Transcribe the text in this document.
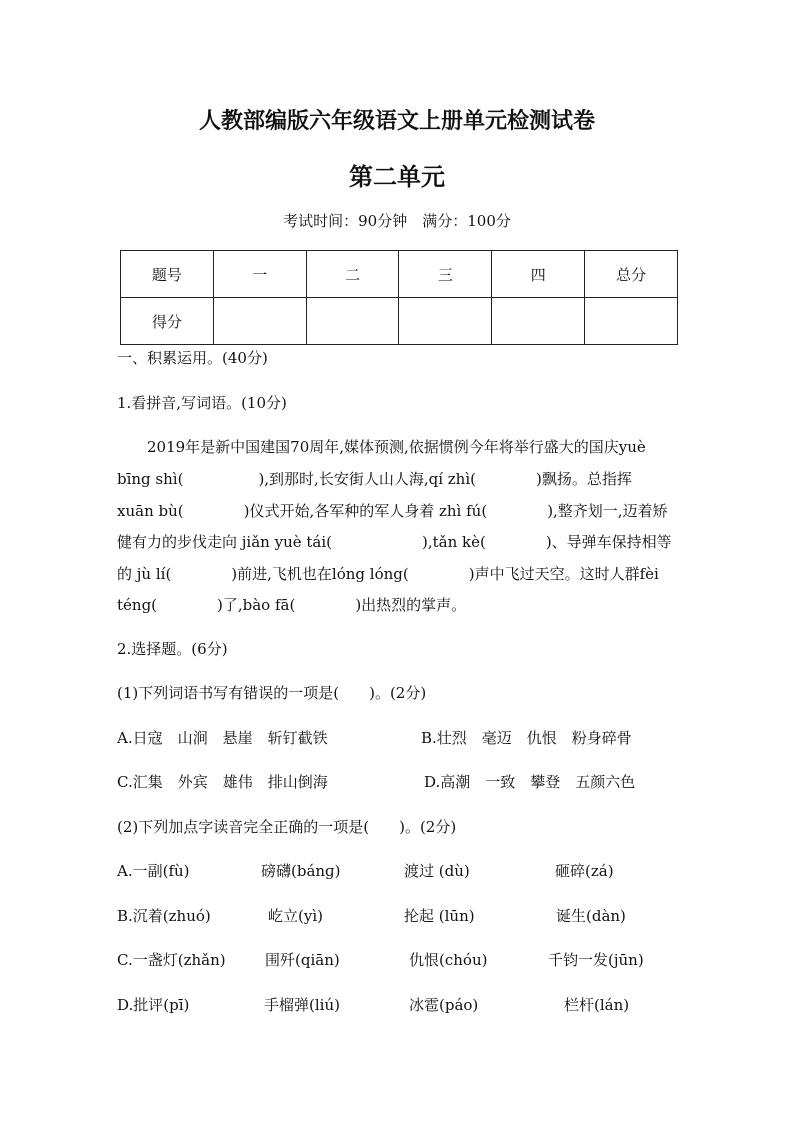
人教部编版六年级语文上册单元检测试卷
第二单元
考试时间：90分钟　满分：100分
题号	一	二	三	四	总分
得分					
一、积累运用。(40分)
1.看拼音,写词语。(10分)
2019年是新中国建国70周年,媒体预测,依据惯例今年将举行盛大的国庆yuè
bīng shì(　　　　　),到那时,长安街人山人海,qí zhì(　　　　)飘扬。总指挥
xuān bù(　　　　)仪式开始,各军种的军人身着 zhì fú(　　　　),整齐划一,迈着矫
健有力的步伐走向 jiǎn yuè tái(　　　　　　),tǎn kè(　　　　)、导弹车保持相等
的 jù lí(　　　　)前进,飞机也在lóng lóng(　　　　)声中飞过天空。这时人群fèi
téng(　　　　)了,bào fā(　　　　)出热烈的掌声。
2.选择题。(6分)
(1)下列词语书写有错误的一项是(　　)。(2分)
A.日寇　山涧　悬崖　斩钉截铁	B.壮烈　毫迈　仇恨　粉身碎骨
C.汇集　外宾　雄伟　排山倒海	D.高潮　一致　攀登　五颜六色
(2)下列加点字读音完全正确的一项是(　　)。(2分)
A.一副(fù)	磅礴(bánɡ)	渡过 (dù)	砸碎(zá)
B.沉着(zhuó)	屹立(yì)	抡起 (lūn)	诞生(dàn)
C.一盏灯(zhǎn)	围歼(qiān)	仇恨(chóu)	千钧一发(jūn)
D.批评(pī)	手榴弹(liú)	冰雹(páo)	栏杆(lán)
